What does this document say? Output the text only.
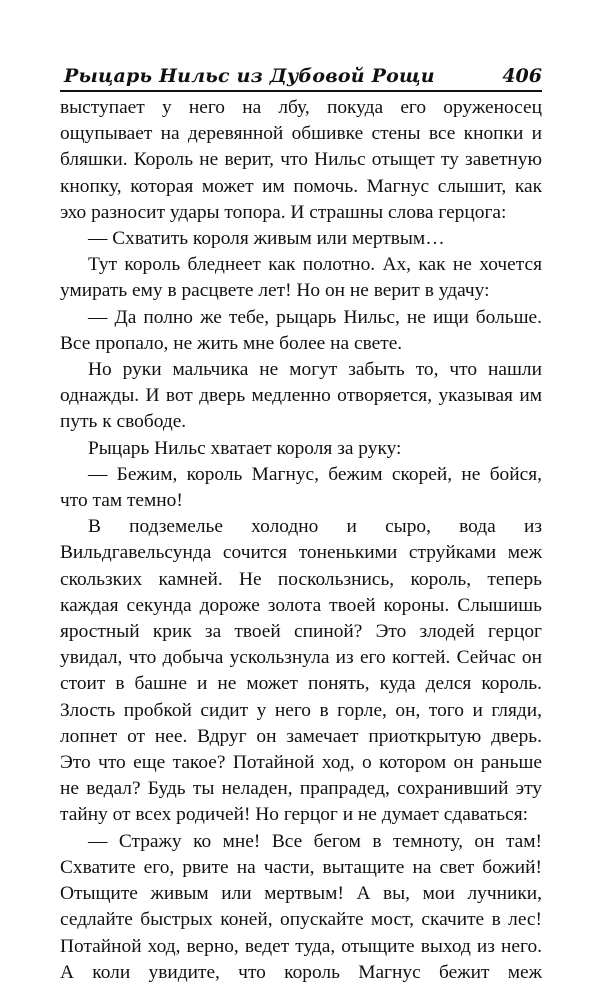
Рыцарь Нильс из Дубовой Рощи	406

выступает у него на лбу, покуда его оруженосец ощупывает на деревянной обшивке стены все кнопки и бляшки. Король не верит, что Нильс отыщет ту заветную кнопку, которая может им помочь. Магнус слышит, как эхо разносит удары топора. И страшны слова герцога:

— Схватить короля живым или мертвым…

Тут король бледнеет как полотно. Ах, как не хочется умирать ему в расцвете лет! Но он не верит в удачу:

— Да полно же тебе, рыцарь Нильс, не ищи больше. Все пропало, не жить мне более на свете.

Но руки мальчика не могут забыть то, что нашли однажды. И вот дверь медленно отворяется, указывая им путь к свободе.

Рыцарь Нильс хватает короля за руку:

— Бежим, король Магнус, бежим скорей, не бойся, что там темно!

В подземелье холодно и сыро, вода из Вильдгавельсунда сочится тоненькими струйками меж скользких камней. Не поскользнись, король, теперь каждая секунда дороже золота твоей короны. Слышишь яростный крик за твоей спиной? Это злодей герцог увидал, что добыча ускользнула из его когтей. Сейчас он стоит в башне и не может понять, куда делся король. Злость пробкой сидит у него в горле, он, того и гляди, лопнет от нее. Вдруг он замечает приоткрытую дверь. Это что еще такое? Потайной ход, о котором он раньше не ведал? Будь ты неладен, прапрадед, сохранивший эту тайну от всех родичей! Но герцог и не думает сдаваться:

— Стражу ко мне! Все бегом в темноту, он там! Схватите его, рвите на части, вытащите на свет божий! Отыщите живым или мертвым! А вы, мои лучники, седлайте быстрых коней, опускайте мост, скачите в лес! Потайной ход, верно, ведет туда, отыщите выход из него. А коли увидите, что король Магнус бежит меж
